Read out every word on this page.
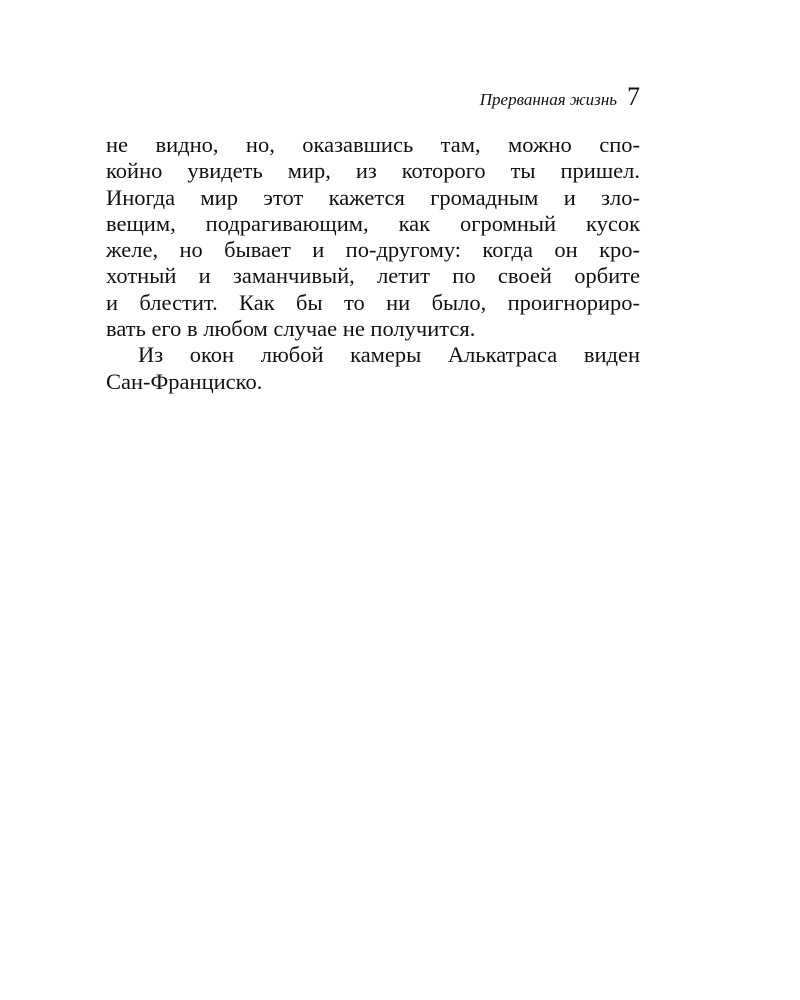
Прерванная жизнь 7
не видно, но, оказавшись там, можно спо-
койно увидеть мир, из которого ты пришел.
Иногда мир этот кажется громадным и зло-
вещим, подрагивающим, как огромный кусок
желе, но бывает и по-другому: когда он кро-
хотный и заманчивый, летит по своей орбите
и блестит. Как бы то ни было, проигнориро-
вать его в любом случае не получится.
Из окон любой камеры Алькатраса виден
Сан-Франциско.
